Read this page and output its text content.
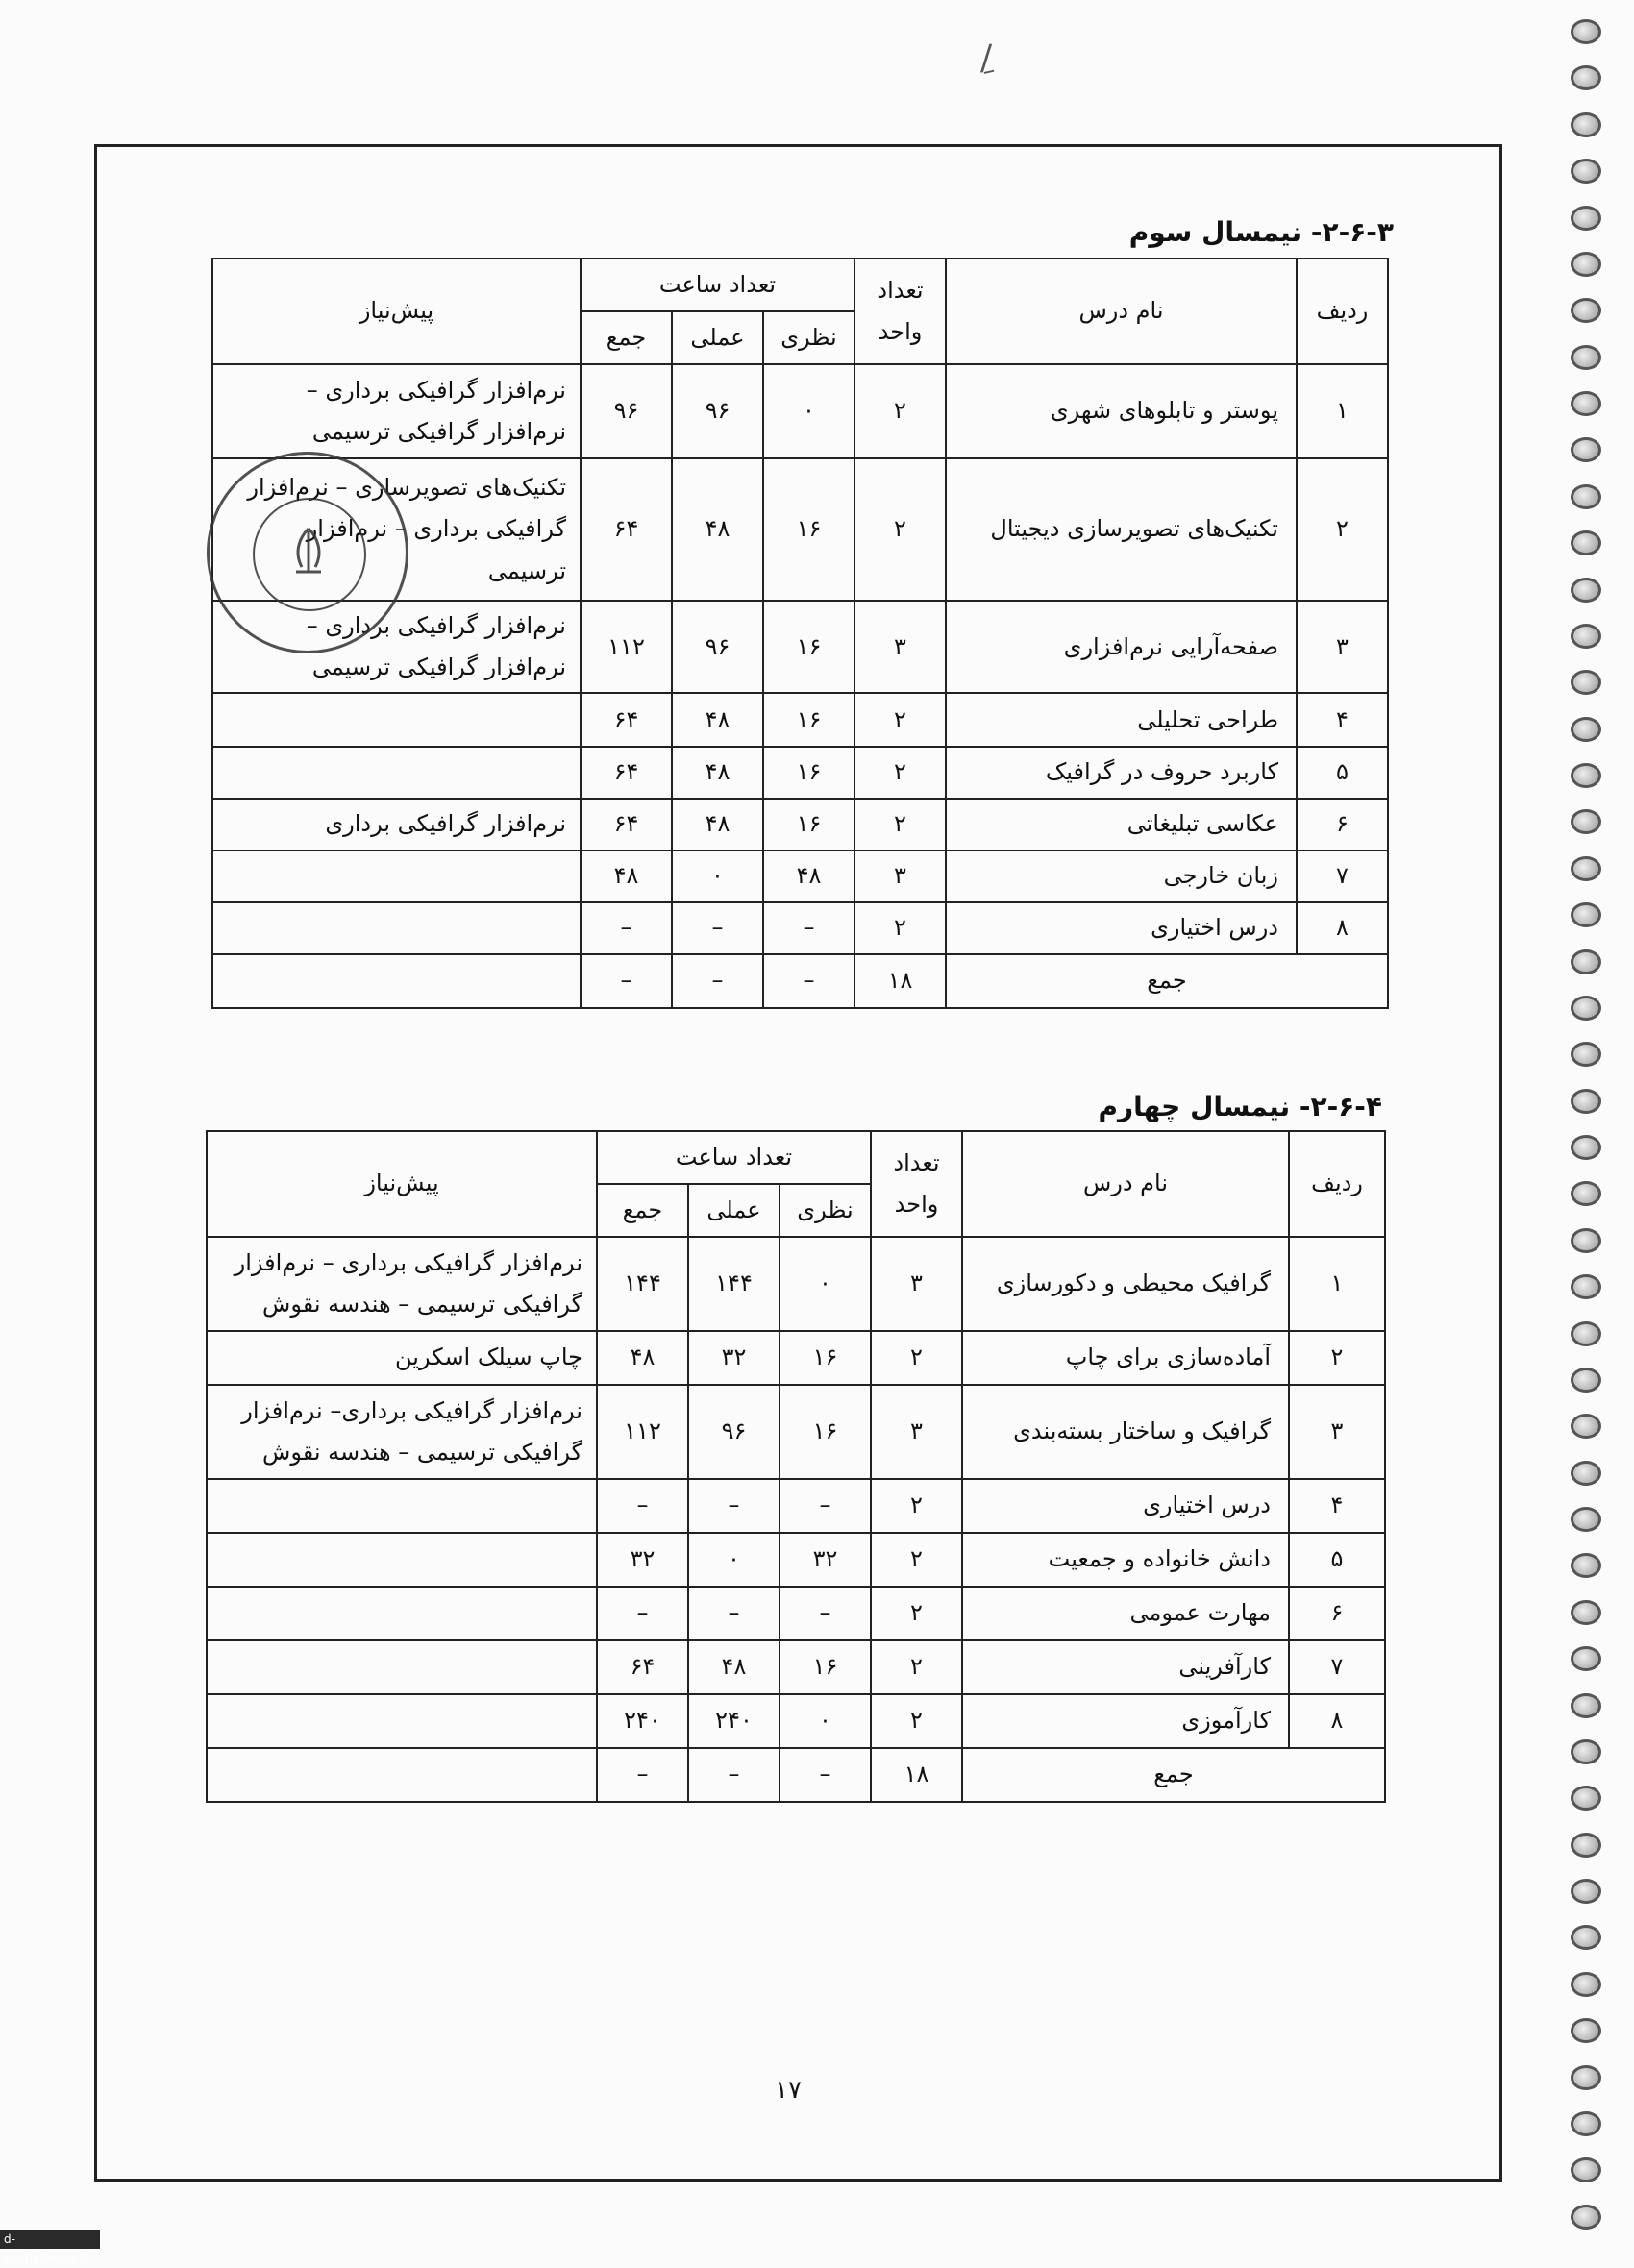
ِ∕
۲-۶-۳- نیمسال سوم
ردیف	نام درس	تعداد واحد	تعداد ساعت			پیش‌نیاز
			نظری	عملی	جمع	
۱	پوستر و تابلوهای شهری	۲	۰	۹۶	۹۶	نرم‌افزار گرافیکی برداری – نرم‌افزار گرافیکی ترسیمی
۲	تکنیک‌های تصویرسازی دیجیتال	۲	۱۶	۴۸	۶۴	تکنیک‌های تصویرسازی – نرم‌افزار گرافیکی برداری – نرم‌افزار ترسیمی
۳	صفحه‌آرایی نرم‌افزاری	۳	۱۶	۹۶	۱۱۲	نرم‌افزار گرافیکی برداری – نرم‌افزار گرافیکی ترسیمی
۴	طراحی تحلیلی	۲	۱۶	۴۸	۶۴	
۵	کاربرد حروف در گرافیک	۲	۱۶	۴۸	۶۴	
۶	عکاسی تبلیغاتی	۲	۱۶	۴۸	۶۴	نرم‌افزار گرافیکی برداری
۷	زبان خارجی	۳	۴۸	۰	۴۸	
۸	درس اختیاری	۲	–	–	–	
جمع		۱۸	–	–	–	
۲-۶-۴- نیمسال چهارم
ردیف	نام درس	تعداد واحد	تعداد ساعت			پیش‌نیاز
			نظری	عملی	جمع	
۱	گرافیک محیطی و دکورسازی	۳	۰	۱۴۴	۱۴۴	نرم‌افزار گرافیکی برداری – نرم‌افزار گرافیکی ترسیمی – هندسه نقوش
۲	آماده‌سازی برای چاپ	۲	۱۶	۳۲	۴۸	چاپ سیلک اسکرین
۳	گرافیک و ساختار بسته‌بندی	۳	۱۶	۹۶	۱۱۲	نرم‌افزار گرافیکی برداری– نرم‌افزار گرافیکی ترسیمی – هندسه نقوش
۴	درس اختیاری	۲	–	–	–	
۵	دانش خانواده و جمعیت	۲	۳۲	۰	۳۲	
۶	مهارت عمومی	۲	–	–	–	
۷	کارآفرینی	۲	۱۶	۴۸	۶۴	
۸	کارآموزی	۲	۰	۲۴۰	۲۴۰	
جمع		۱۸	–	–	–	
۱۷
d-neyriz.tvu.ac.ir
